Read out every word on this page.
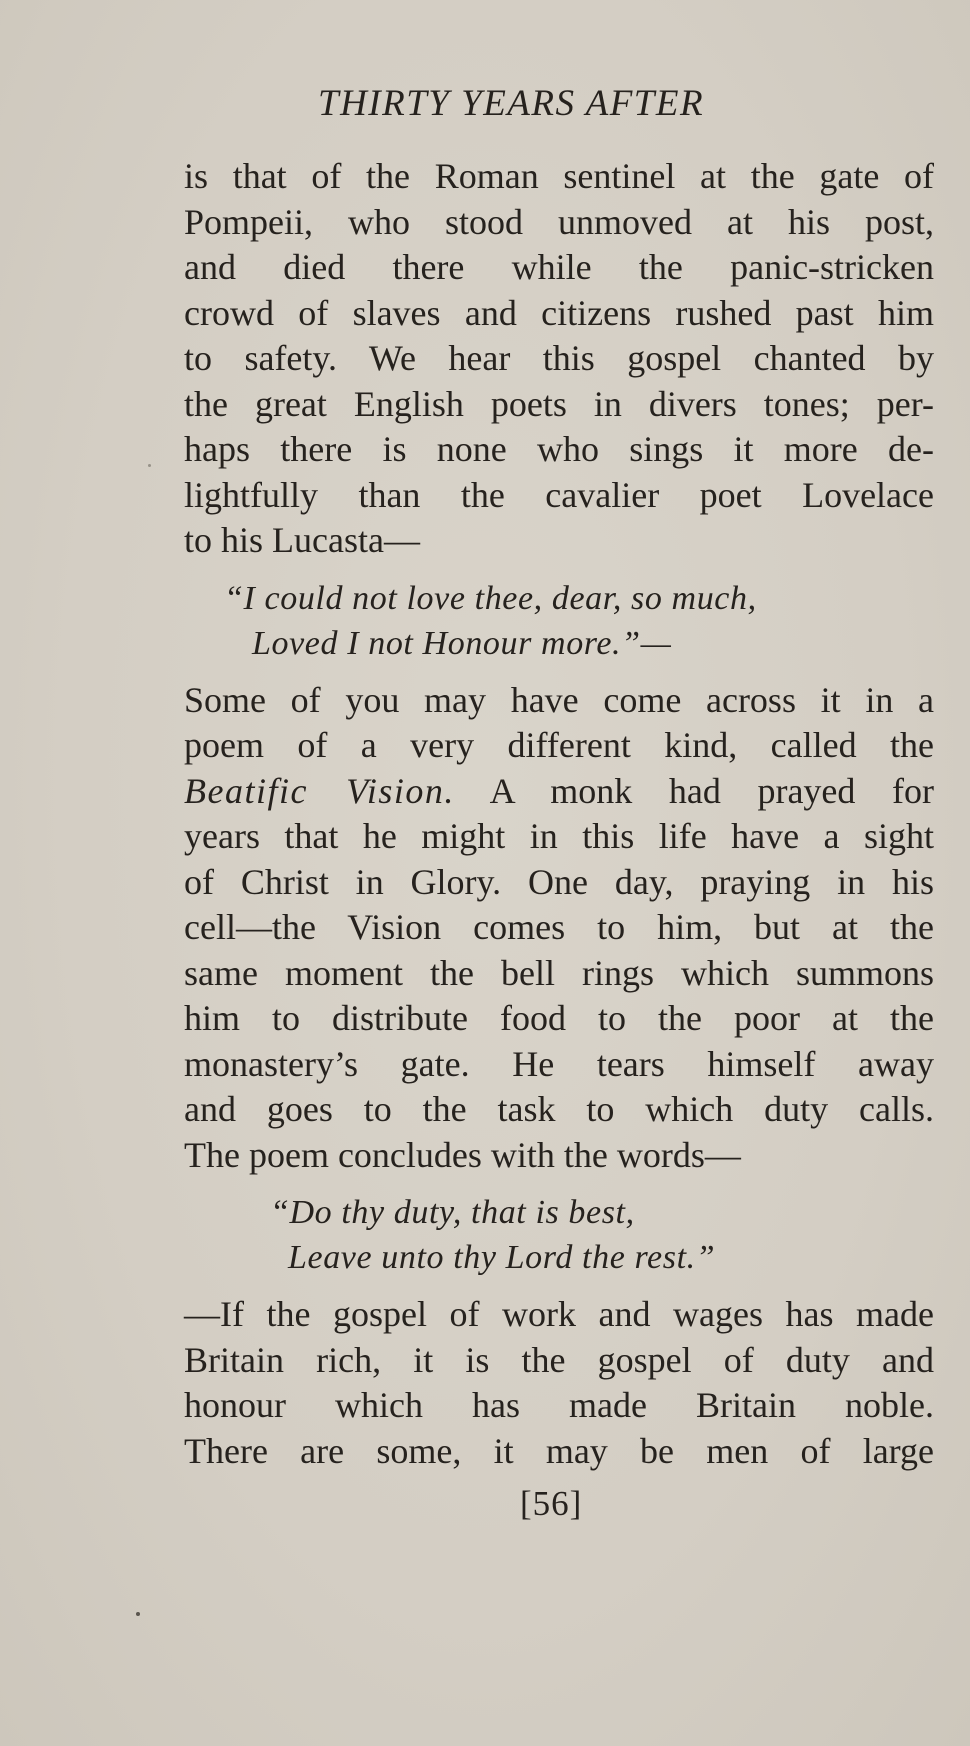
THIRTY YEARS AFTER
is that of the Roman sentinel at the gate of
Pompeii, who stood unmoved at his post,
and died there while the panic-stricken
crowd of slaves and citizens rushed past him
to safety. We hear this gospel chanted by
the great English poets in divers tones; per-
haps there is none who sings it more de-
lightfully than the cavalier poet Lovelace
to his Lucasta—
“I could not love thee, dear, so much,
Loved I not Honour more.”—
Some of you may have come across it in a
poem of a very different kind, called the
Beatific Vision. A monk had prayed for
years that he might in this life have a sight
of Christ in Glory. One day, praying in his
cell—the Vision comes to him, but at the
same moment the bell rings which summons
him to distribute food to the poor at the
monastery’s gate. He tears himself away
and goes to the task to which duty calls.
The poem concludes with the words—
“Do thy duty, that is best,
Leave unto thy Lord the rest.”
—If the gospel of work and wages has made
Britain rich, it is the gospel of duty and
honour which has made Britain noble.
There are some, it may be men of large
[56]
